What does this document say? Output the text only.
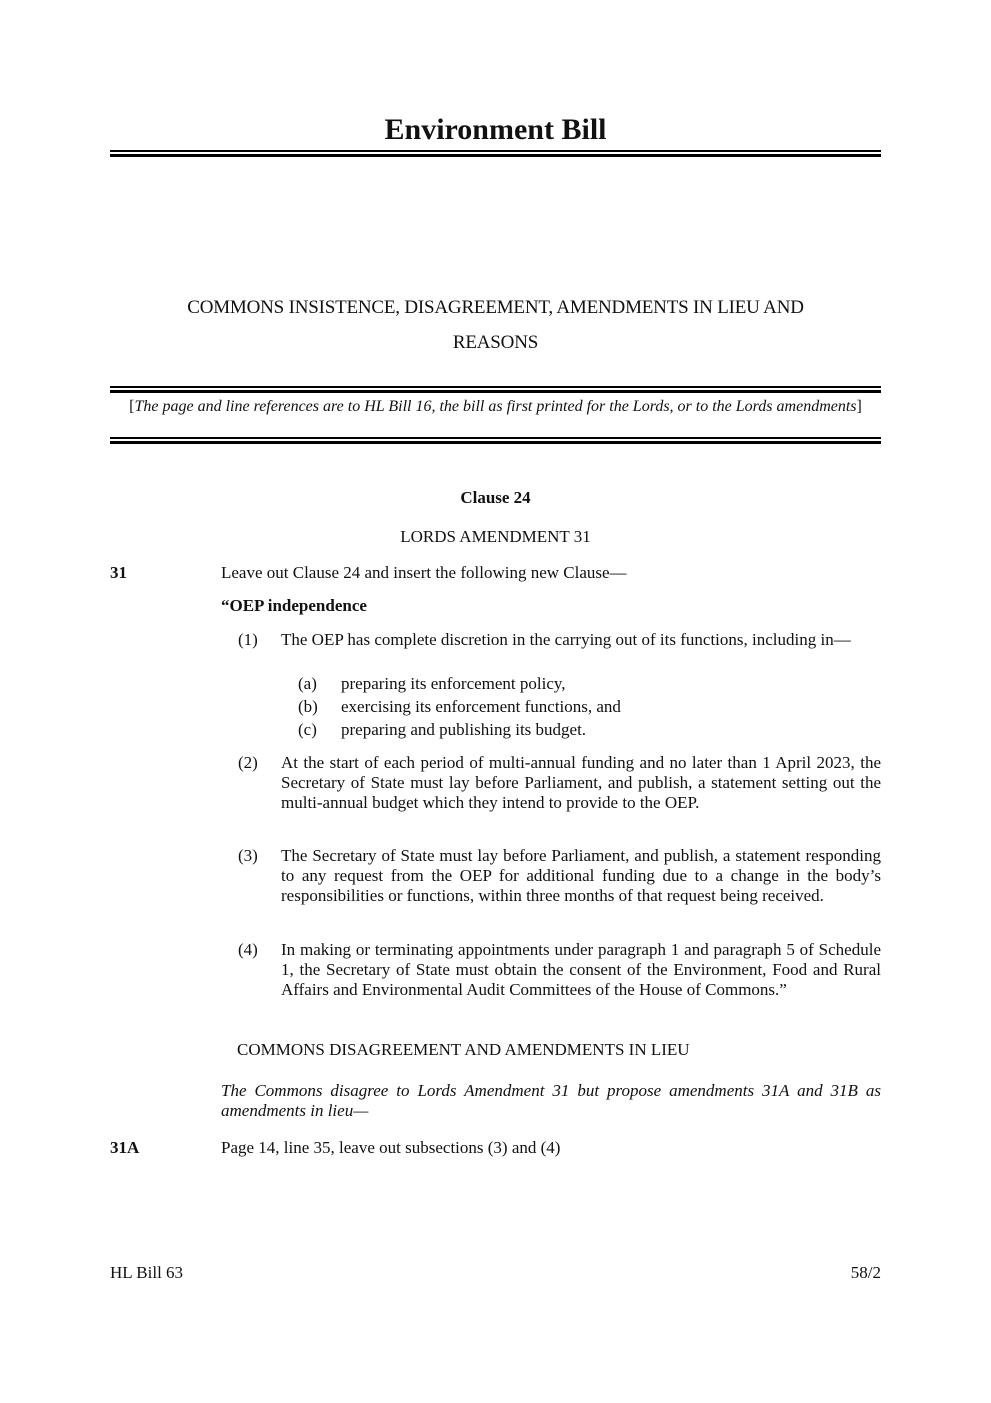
Environment Bill
COMMONS INSISTENCE, DISAGREEMENT, AMENDMENTS IN LIEU AND
REASONS
[The page and line references are to HL Bill 16, the bill as first printed for the Lords, or to the Lords amendments]
Clause 24
LORDS AMENDMENT 31
31	Leave out Clause 24 and insert the following new Clause—
“OEP independence
(1) The OEP has complete discretion in the carrying out of its functions, including in—
(a) preparing its enforcement policy,
(b) exercising its enforcement functions, and
(c) preparing and publishing its budget.
(2) At the start of each period of multi-annual funding and no later than 1 April 2023, the Secretary of State must lay before Parliament, and publish, a statement setting out the multi-annual budget which they intend to provide to the OEP.
(3) The Secretary of State must lay before Parliament, and publish, a statement responding to any request from the OEP for additional funding due to a change in the body’s responsibilities or functions, within three months of that request being received.
(4) In making or terminating appointments under paragraph 1 and paragraph 5 of Schedule 1, the Secretary of State must obtain the consent of the Environment, Food and Rural Affairs and Environmental Audit Committees of the House of Commons.”
COMMONS DISAGREEMENT AND AMENDMENTS IN LIEU
The Commons disagree to Lords Amendment 31 but propose amendments 31A and 31B as amendments in lieu—
31A	Page 14, line 35, leave out subsections (3) and (4)
HL Bill 63	58/2
